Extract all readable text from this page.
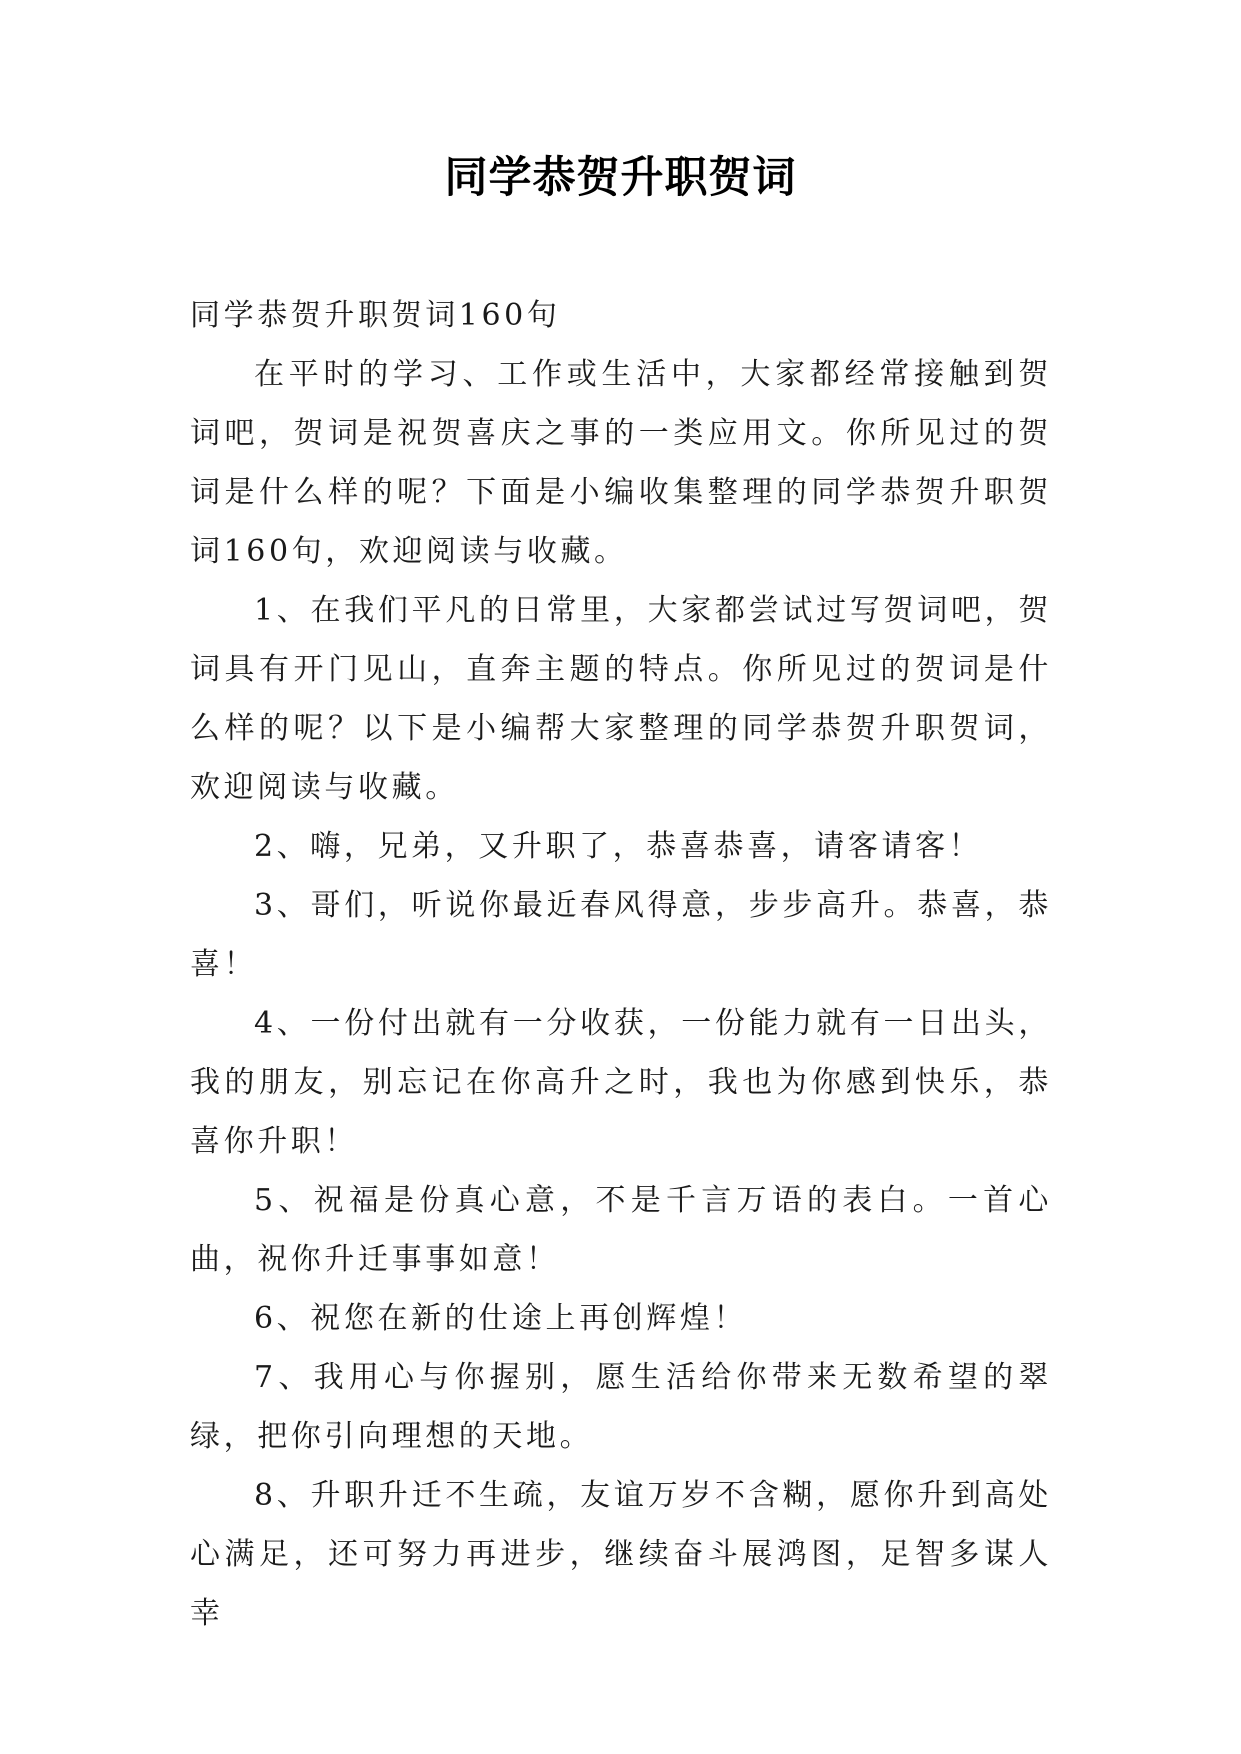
同学恭贺升职贺词

同学恭贺升职贺词160句

在平时的学习、工作或生活中，大家都经常接触到贺词吧，贺词是祝贺喜庆之事的一类应用文。你所见过的贺词是什么样的呢？下面是小编收集整理的同学恭贺升职贺词160句，欢迎阅读与收藏。

1、在我们平凡的日常里，大家都尝试过写贺词吧，贺词具有开门见山，直奔主题的特点。你所见过的贺词是什么样的呢？以下是小编帮大家整理的同学恭贺升职贺词，欢迎阅读与收藏。

2、嗨，兄弟，又升职了，恭喜恭喜，请客请客！

3、哥们，听说你最近春风得意，步步高升。恭喜，恭喜！

4、一份付出就有一分收获，一份能力就有一日出头，我的朋友，别忘记在你高升之时，我也为你感到快乐，恭喜你升职！

5、祝福是份真心意，不是千言万语的表白。一首心曲，祝你升迁事事如意！

6、祝您在新的仕途上再创辉煌！

7、我用心与你握别，愿生活给你带来无数希望的翠绿，把你引向理想的天地。

8、升职升迁不生疏，友谊万岁不含糊，愿你升到高处心满足，还可努力再进步，继续奋斗展鸿图，足智多谋人幸
